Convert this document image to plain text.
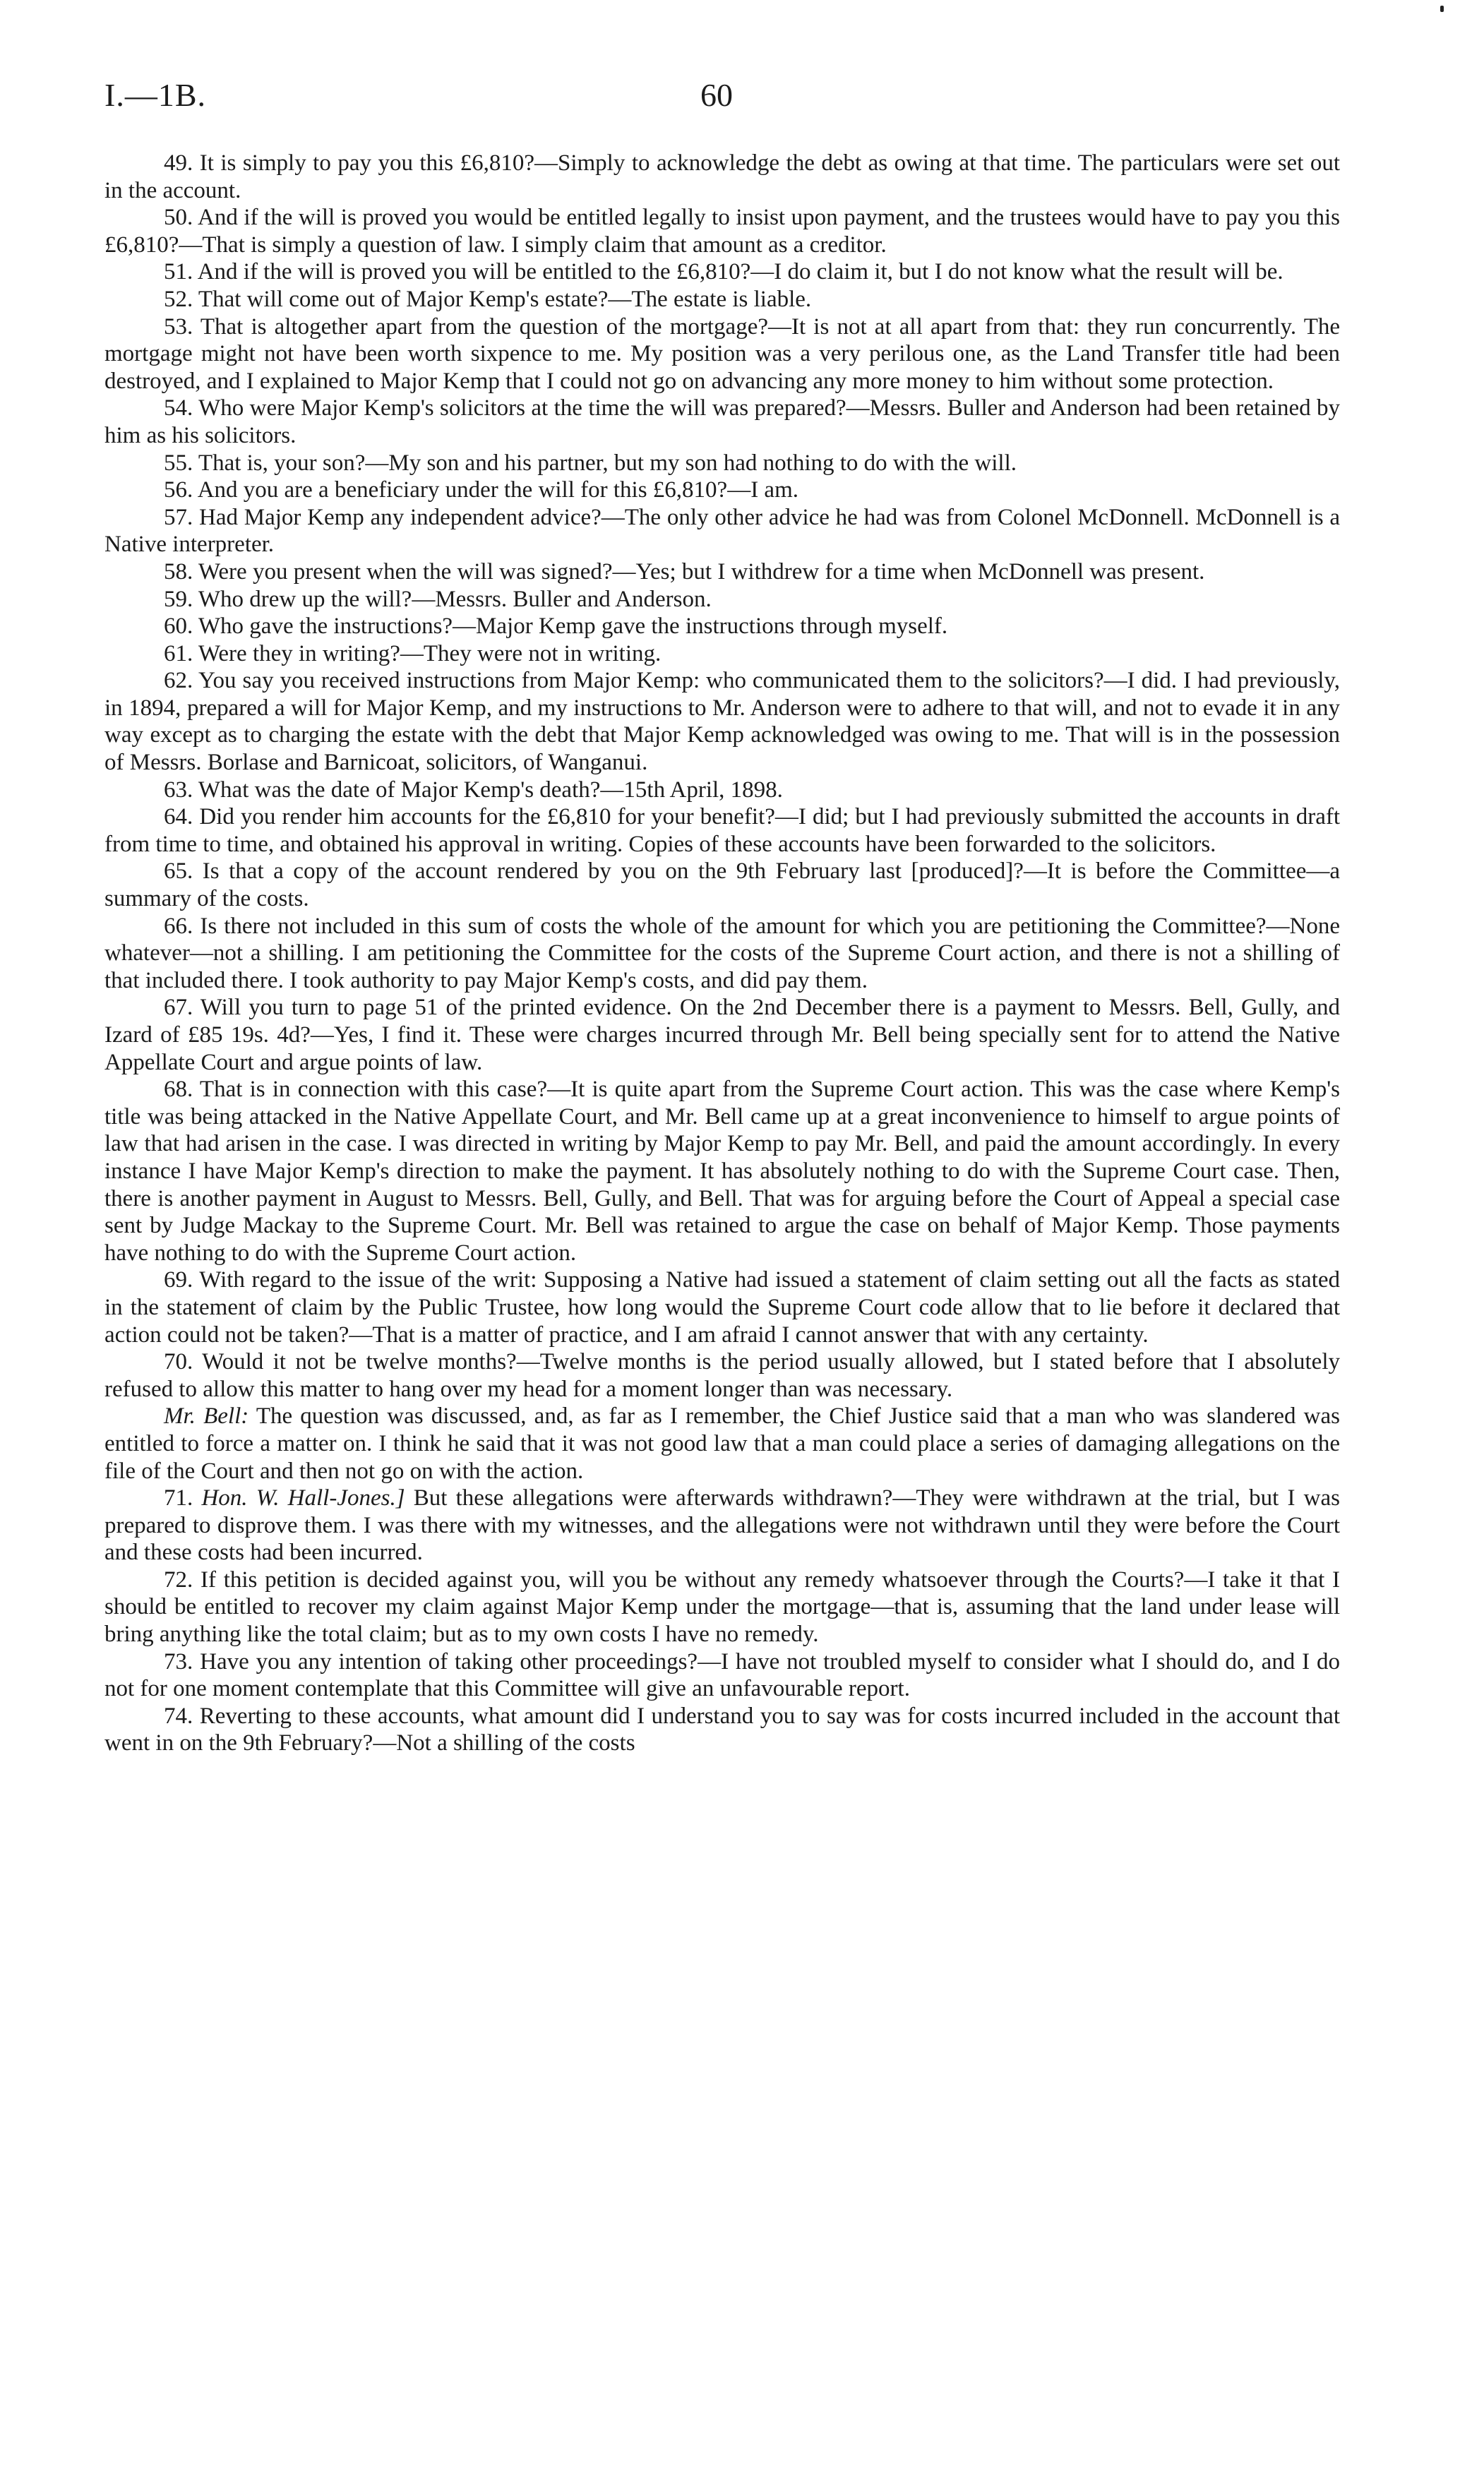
I.—1B.	60

49. It is simply to pay you this £6,810?—Simply to acknowledge the debt as owing at that time. The particulars were set out in the account.

50. And if the will is proved you would be entitled legally to insist upon payment, and the trustees would have to pay you this £6,810?—That is simply a question of law. I simply claim that amount as a creditor.

51. And if the will is proved you will be entitled to the £6,810?—I do claim it, but I do not know what the result will be.

52. That will come out of Major Kemp's estate?—The estate is liable.

53. That is altogether apart from the question of the mortgage?—It is not at all apart from that: they run concurrently. The mortgage might not have been worth sixpence to me. My position was a very perilous one, as the Land Transfer title had been destroyed, and I explained to Major Kemp that I could not go on advancing any more money to him without some protection.

54. Who were Major Kemp's solicitors at the time the will was prepared?—Messrs. Buller and Anderson had been retained by him as his solicitors.

55. That is, your son?—My son and his partner, but my son had nothing to do with the will.

56. And you are a beneficiary under the will for this £6,810?—I am.

57. Had Major Kemp any independent advice?—The only other advice he had was from Colonel McDonnell. McDonnell is a Native interpreter.

58. Were you present when the will was signed?—Yes; but I withdrew for a time when McDonnell was present.

59. Who drew up the will?—Messrs. Buller and Anderson.

60. Who gave the instructions?—Major Kemp gave the instructions through myself.

61. Were they in writing?—They were not in writing.

62. You say you received instructions from Major Kemp: who communicated them to the solicitors?—I did. I had previously, in 1894, prepared a will for Major Kemp, and my instructions to Mr. Anderson were to adhere to that will, and not to evade it in any way except as to charging the estate with the debt that Major Kemp acknowledged was owing to me. That will is in the possession of Messrs. Borlase and Barnicoat, solicitors, of Wanganui.

63. What was the date of Major Kemp's death?—15th April, 1898.

64. Did you render him accounts for the £6,810 for your benefit?—I did; but I had previously submitted the accounts in draft from time to time, and obtained his approval in writing. Copies of these accounts have been forwarded to the solicitors.

65. Is that a copy of the account rendered by you on the 9th February last [produced]?—It is before the Committee—a summary of the costs.

66. Is there not included in this sum of costs the whole of the amount for which you are petitioning the Committee?—None whatever—not a shilling. I am petitioning the Committee for the costs of the Supreme Court action, and there is not a shilling of that included there. I took authority to pay Major Kemp's costs, and did pay them.

67. Will you turn to page 51 of the printed evidence. On the 2nd December there is a payment to Messrs. Bell, Gully, and Izard of £85 19s. 4d?—Yes, I find it. These were charges incurred through Mr. Bell being specially sent for to attend the Native Appellate Court and argue points of law.

68. That is in connection with this case?—It is quite apart from the Supreme Court action. This was the case where Kemp's title was being attacked in the Native Appellate Court, and Mr. Bell came up at a great inconvenience to himself to argue points of law that had arisen in the case. I was directed in writing by Major Kemp to pay Mr. Bell, and paid the amount accordingly. In every instance I have Major Kemp's direction to make the payment. It has absolutely nothing to do with the Supreme Court case. Then, there is another payment in August to Messrs. Bell, Gully, and Bell. That was for arguing before the Court of Appeal a special case sent by Judge Mackay to the Supreme Court. Mr. Bell was retained to argue the case on behalf of Major Kemp. Those payments have nothing to do with the Supreme Court action.

69. With regard to the issue of the writ: Supposing a Native had issued a statement of claim setting out all the facts as stated in the statement of claim by the Public Trustee, how long would the Supreme Court code allow that to lie before it declared that action could not be taken?—That is a matter of practice, and I am afraid I cannot answer that with any certainty.

70. Would it not be twelve months?—Twelve months is the period usually allowed, but I stated before that I absolutely refused to allow this matter to hang over my head for a moment longer than was necessary.

Mr. Bell: The question was discussed, and, as far as I remember, the Chief Justice said that a man who was slandered was entitled to force a matter on. I think he said that it was not good law that a man could place a series of damaging allegations on the file of the Court and then not go on with the action.

71. Hon. W. Hall-Jones.] But these allegations were afterwards withdrawn?—They were withdrawn at the trial, but I was prepared to disprove them. I was there with my witnesses, and the allegations were not withdrawn until they were before the Court and these costs had been incurred.

72. If this petition is decided against you, will you be without any remedy whatsoever through the Courts?—I take it that I should be entitled to recover my claim against Major Kemp under the mortgage—that is, assuming that the land under lease will bring anything like the total claim; but as to my own costs I have no remedy.

73. Have you any intention of taking other proceedings?—I have not troubled myself to consider what I should do, and I do not for one moment contemplate that this Committee will give an unfavourable report.

74. Reverting to these accounts, what amount did I understand you to say was for costs incurred included in the account that went in on the 9th February?—Not a shilling of the costs
